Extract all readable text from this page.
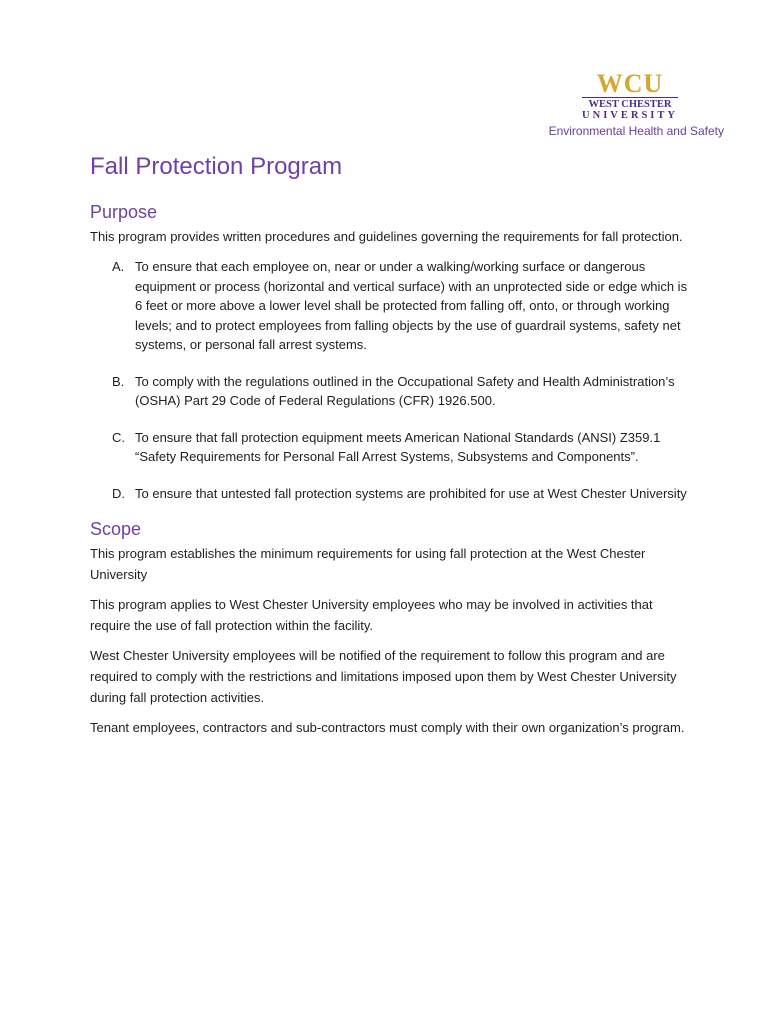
WCU
WEST CHESTER
UNIVERSITY
Environmental Health and Safety
Fall Protection Program
Purpose

This program provides written procedures and guidelines governing the requirements for fall protection.

A. To ensure that each employee on, near or under a walking/working surface or dangerous equipment or process (horizontal and vertical surface) with an unprotected side or edge which is 6 feet or more above a lower level shall be protected from falling off, onto, or through working levels; and to protect employees from falling objects by the use of guardrail systems, safety net systems, or personal fall arrest systems.
B. To comply with the regulations outlined in the Occupational Safety and Health Administration’s (OSHA) Part 29 Code of Federal Regulations (CFR) 1926.500.
C. To ensure that fall protection equipment meets American National Standards (ANSI) Z359.1 “Safety Requirements for Personal Fall Arrest Systems, Subsystems and Components”.
D. To ensure that untested fall protection systems are prohibited for use at West Chester University
Scope

This program establishes the minimum requirements for using fall protection at the West Chester University

This program applies to West Chester University employees who may be involved in activities that require the use of fall protection within the facility.

West Chester University employees will be notified of the requirement to follow this program and are required to comply with the restrictions and limitations imposed upon them by West Chester University during fall protection activities.

Tenant employees, contractors and sub-contractors must comply with their own organization’s program.
